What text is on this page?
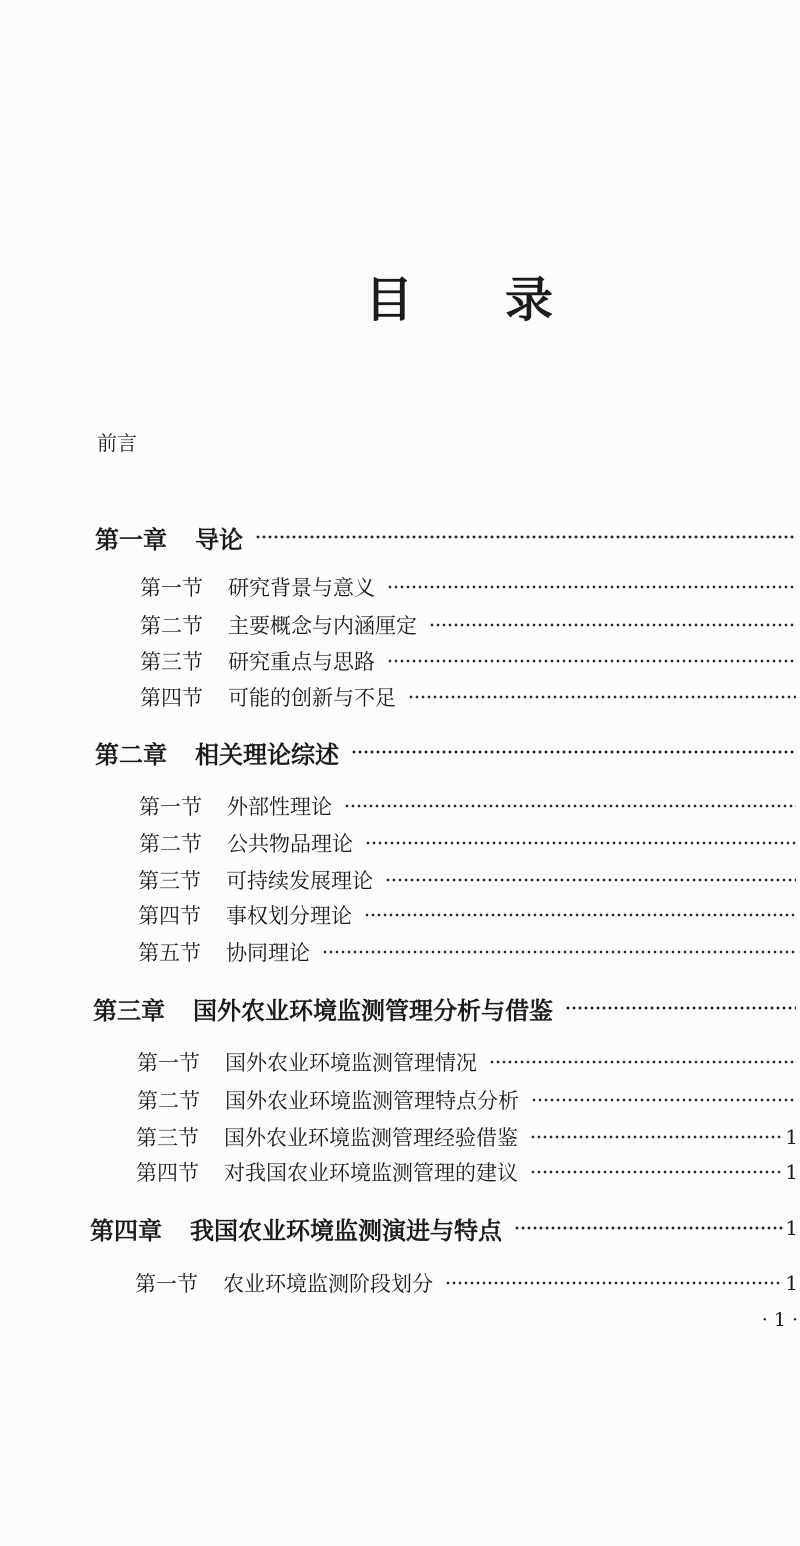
目　录
前言
第一章 导论
第一节 研究背景与意义
第二节 主要概念与内涵厘定
第三节 研究重点与思路
第四节 可能的创新与不足
第二章 相关理论综述
第一节 外部性理论
第二节 公共物品理论
第三节 可持续发展理论
第四节 事权划分理论
第五节 协同理论
第三章 国外农业环境监测管理分析与借鉴
第一节 国外农业环境监测管理情况
第二节 国外农业环境监测管理特点分析
第三节 国外农业环境监测管理经验借鉴	1
第四节 对我国农业环境监测管理的建议	1
第四章 我国农业环境监测演进与特点	1
第一节 农业环境监测阶段划分	1
· 1 ·
